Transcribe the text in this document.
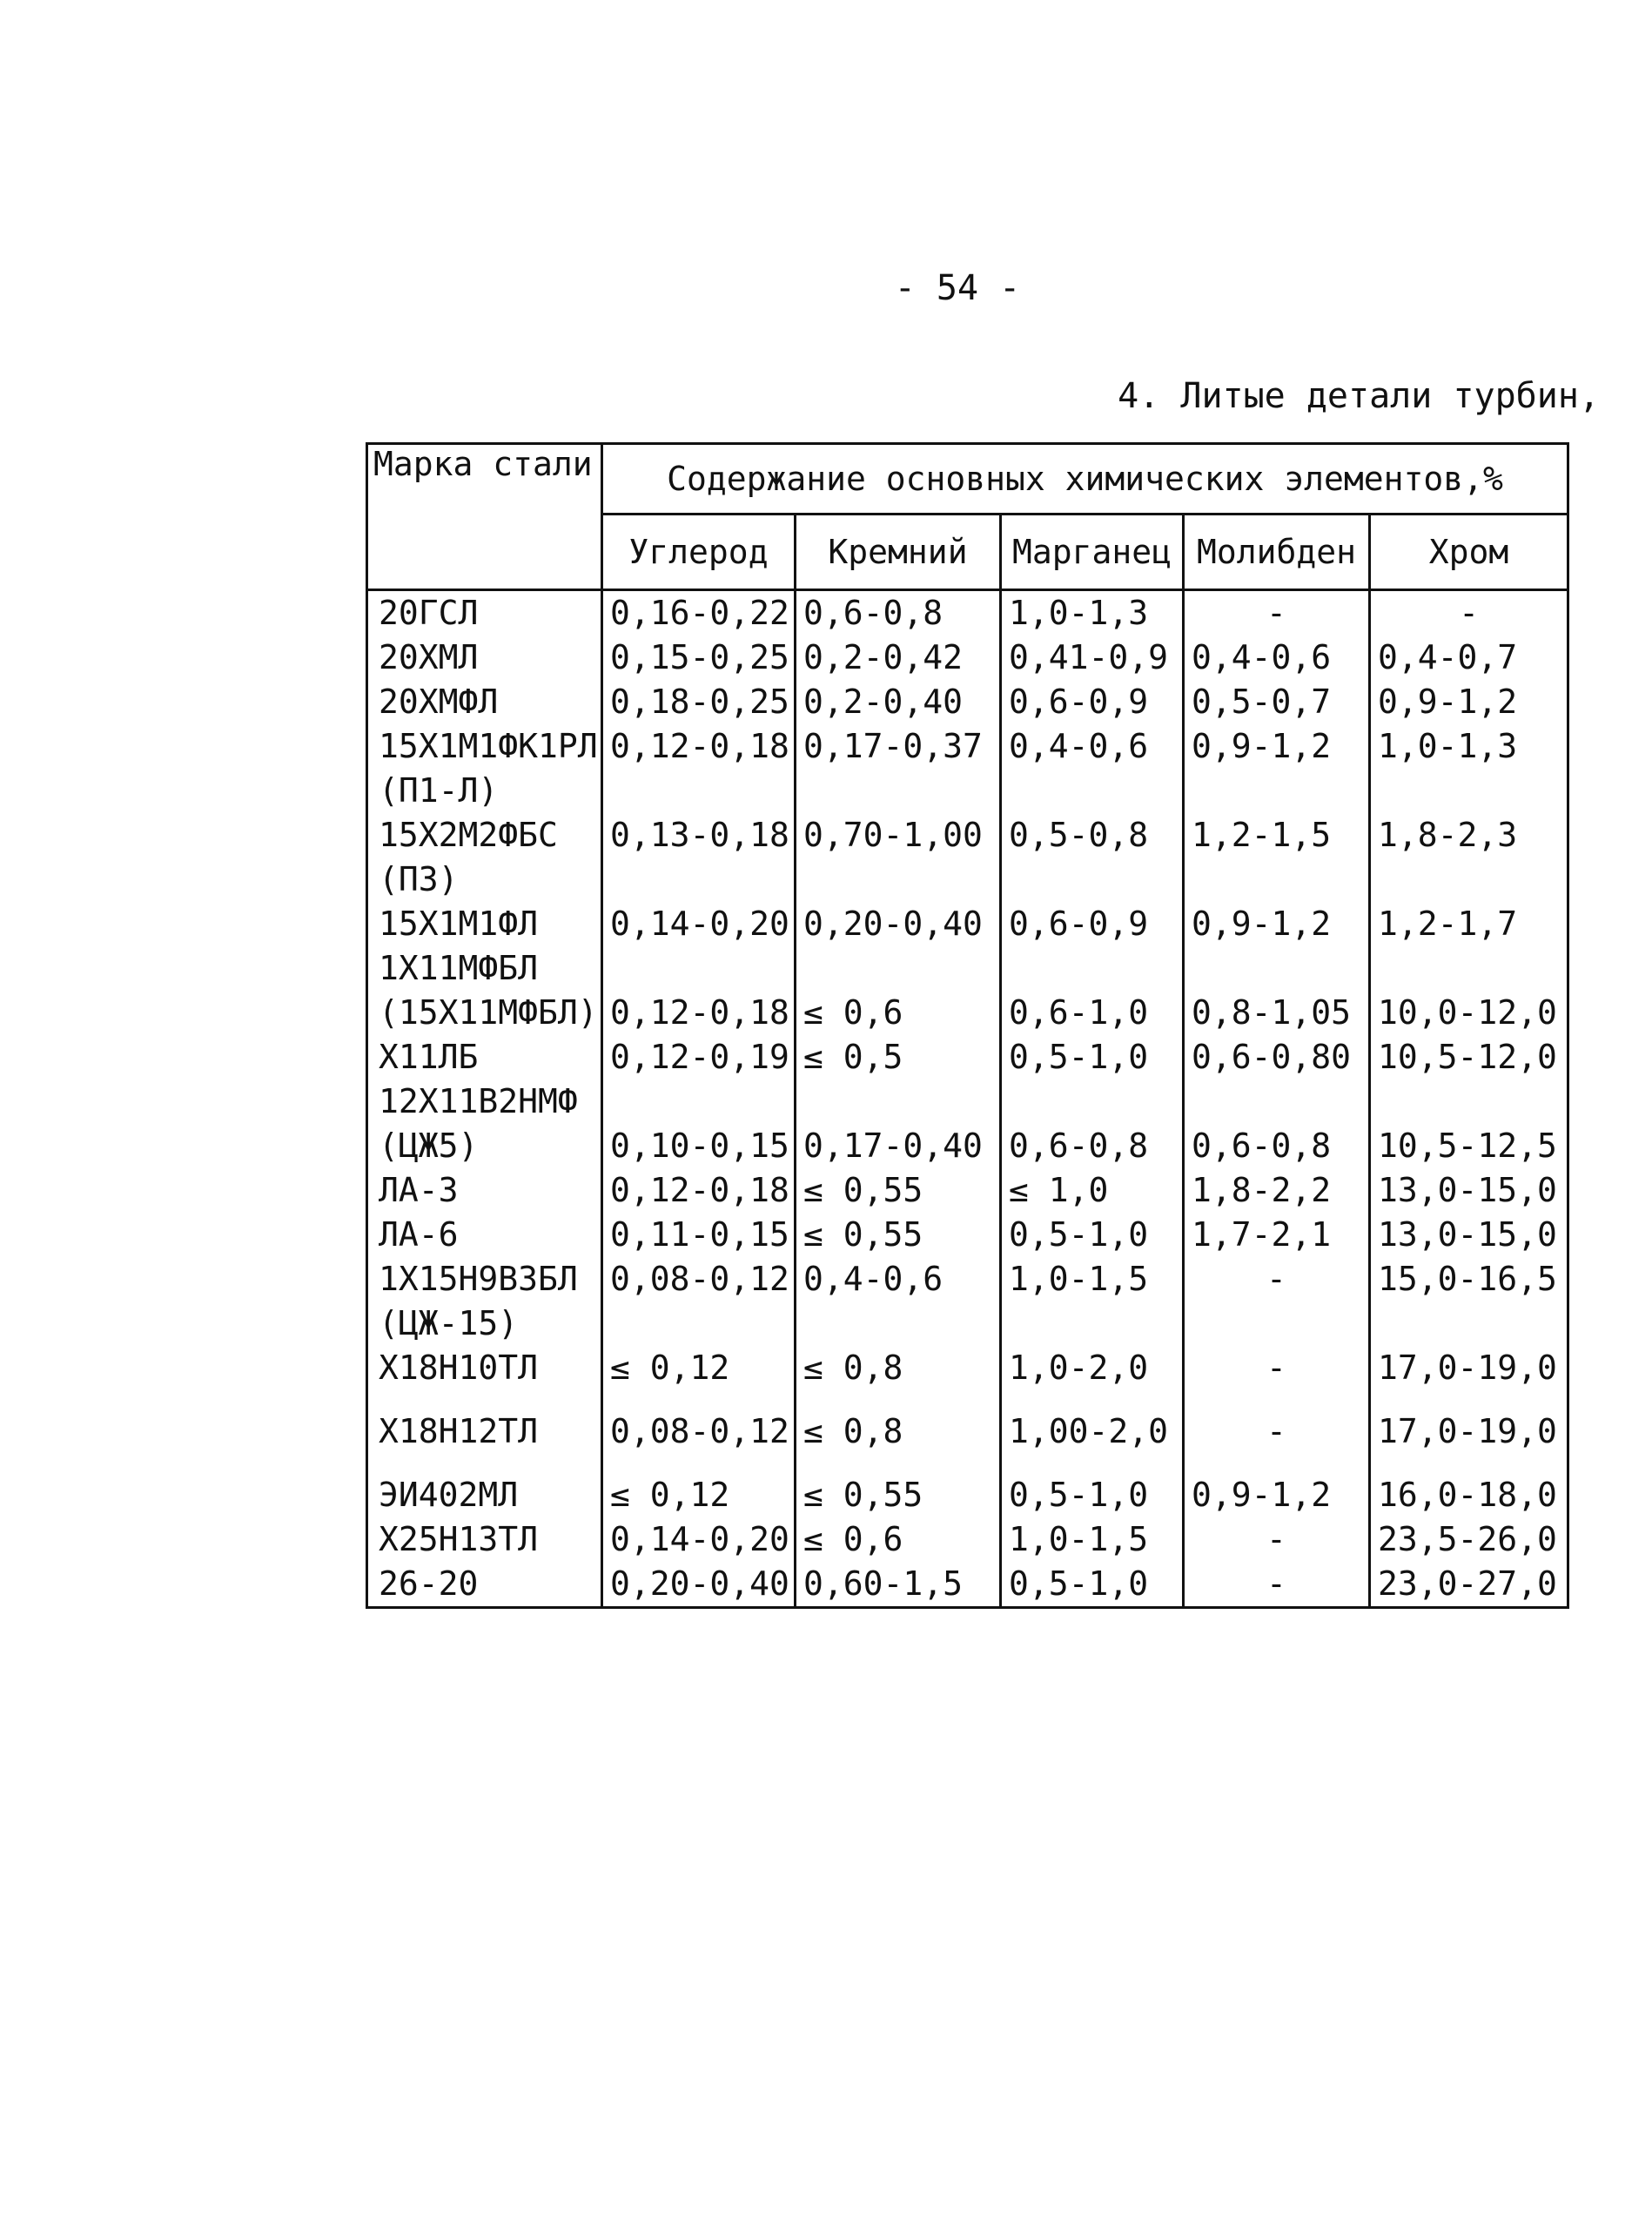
- 54 -
4. Литые детали турбин,
Марка стали	Содержание основных химических элементов,%				
	Углерод	Кремний	Марганец	Молибден	Хром
20ГСЛ	0,16-0,22	0,6-0,8	1,0-1,3	-	-
20ХМЛ	0,15-0,25	0,2-0,42	0,41-0,9	0,4-0,6	0,4-0,7
20ХМФЛ	0,18-0,25	0,2-0,40	0,6-0,9	0,5-0,7	0,9-1,2
15Х1М1ФК1РЛ	0,12-0,18	0,17-0,37	0,4-0,6	0,9-1,2	1,0-1,3
(П1-Л)					
15Х2М2ФБС	0,13-0,18	0,70-1,00	0,5-0,8	1,2-1,5	1,8-2,3
(П3)					
15Х1М1ФЛ	0,14-0,20	0,20-0,40	0,6-0,9	0,9-1,2	1,2-1,7
1Х11МФБЛ					
(15Х11МФБЛ)	0,12-0,18	≤ 0,6	0,6-1,0	0,8-1,05	10,0-12,0
Х11ЛБ	0,12-0,19	≤ 0,5	0,5-1,0	0,6-0,80	10,5-12,0
12Х11В2НМФ					
(ЦЖ5)	0,10-0,15	0,17-0,40	0,6-0,8	0,6-0,8	10,5-12,5
ЛА-3	0,12-0,18	≤ 0,55	≤ 1,0	1,8-2,2	13,0-15,0
ЛА-6	0,11-0,15	≤ 0,55	0,5-1,0	1,7-2,1	13,0-15,0
1Х15Н9В3БЛ	0,08-0,12	0,4-0,6	1,0-1,5	-	15,0-16,5
(ЦЖ-15)					
Х18Н10ТЛ	≤ 0,12	≤ 0,8	1,0-2,0	-	17,0-19,0

Х18Н12ТЛ	0,08-0,12	≤ 0,8	1,00-2,0	-	17,0-19,0

ЭИ402МЛ	≤ 0,12	≤ 0,55	0,5-1,0	0,9-1,2	16,0-18,0
Х25Н13ТЛ	0,14-0,20	≤ 0,6	1,0-1,5	-	23,5-26,0
26-20	0,20-0,40	0,60-1,5	0,5-1,0	-	23,0-27,0
